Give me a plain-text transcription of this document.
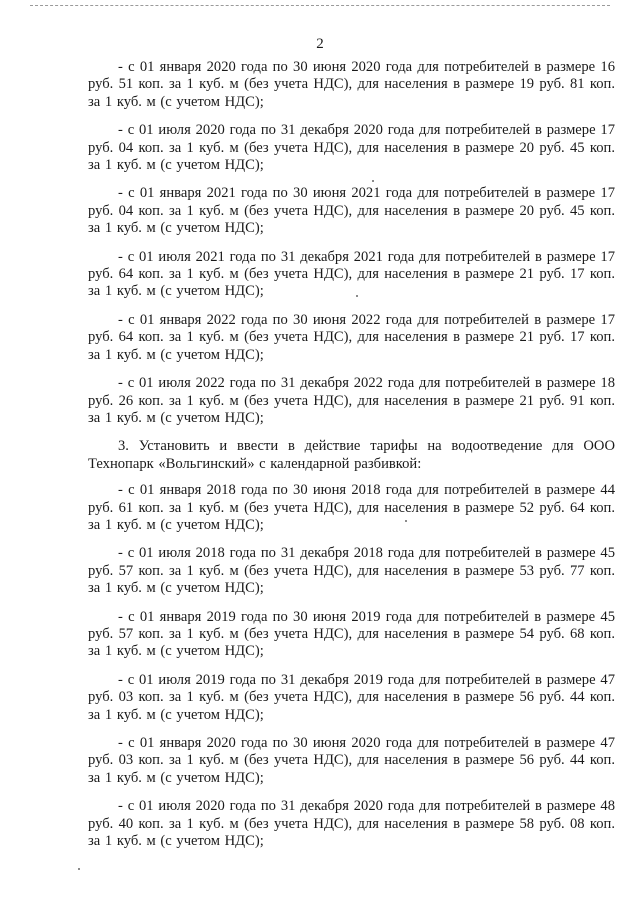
2

- с 01 января 2020 года по 30 июня 2020 года для потребителей в размере 16 руб. 51 коп. за 1 куб. м (без учета НДС), для населения в размере 19 руб. 81 коп. за 1 куб. м (с учетом НДС);

- с 01 июля 2020 года по 31 декабря 2020 года для потребителей в размере 17 руб. 04 коп. за 1 куб. м (без учета НДС), для населения в размере 20 руб. 45 коп. за 1 куб. м (с учетом НДС);

- с 01 января 2021 года по 30 июня 2021 года для потребителей в размере 17 руб. 04 коп. за 1 куб. м (без учета НДС), для населения в размере 20 руб. 45 коп. за 1 куб. м (с учетом НДС);

- с 01 июля 2021 года по 31 декабря 2021 года для потребителей в размере 17 руб. 64 коп. за 1 куб. м (без учета НДС), для населения в размере 21 руб. 17 коп. за 1 куб. м (с учетом НДС);

- с 01 января 2022 года по 30 июня 2022 года для потребителей в размере 17 руб. 64 коп. за 1 куб. м (без учета НДС), для населения в размере 21 руб. 17 коп. за 1 куб. м (с учетом НДС);

- с 01 июля 2022 года по 31 декабря 2022 года для потребителей в размере 18 руб. 26 коп. за 1 куб. м (без учета НДС), для населения в размере 21 руб. 91 коп. за 1 куб. м (с учетом НДС);

3. Установить и ввести в действие тарифы на водоотведение для ООО Технопарк «Вольгинский» с календарной разбивкой:

- с 01 января 2018 года по 30 июня 2018 года для потребителей в размере 44 руб. 61 коп. за 1 куб. м (без учета НДС), для населения в размере 52 руб. 64 коп. за 1 куб. м (с учетом НДС);

- с 01 июля 2018 года по 31 декабря 2018 года для потребителей в размере 45 руб. 57 коп. за 1 куб. м (без учета НДС), для населения в размере 53 руб. 77 коп. за 1 куб. м (с учетом НДС);

- с 01 января 2019 года по 30 июня 2019 года для потребителей в размере 45 руб. 57 коп. за 1 куб. м (без учета НДС), для населения в размере 54 руб. 68 коп. за 1 куб. м (с учетом НДС);

- с 01 июля 2019 года по 31 декабря 2019 года для потребителей в размере 47 руб. 03 коп. за 1 куб. м (без учета НДС), для населения в размере 56 руб. 44 коп. за 1 куб. м (с учетом НДС);

- с 01 января 2020 года по 30 июня 2020 года для потребителей в размере 47 руб. 03 коп. за 1 куб. м (без учета НДС), для населения в размере 56 руб. 44 коп. за 1 куб. м (с учетом НДС);

- с 01 июля 2020 года по 31 декабря 2020 года для потребителей в размере 48 руб. 40 коп. за 1 куб. м (без учета НДС), для населения в размере 58 руб. 08 коп. за 1 куб. м (с учетом НДС);
